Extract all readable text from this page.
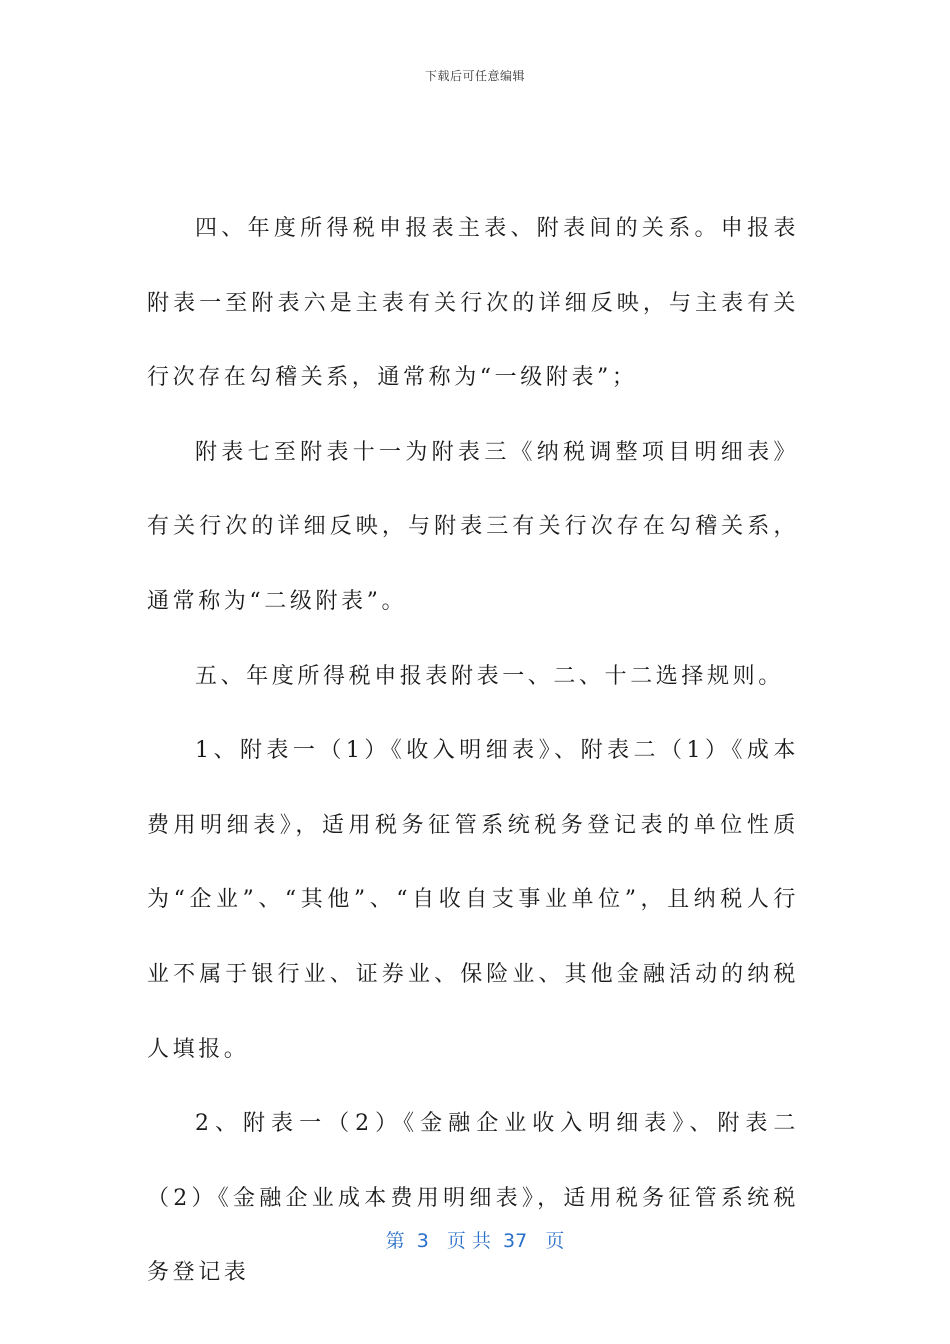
下载后可任意编辑

四、年度所得税申报表主表、附表间的关系。申报表附表一至附表六是主表有关行次的详细反映，与主表有关行次存在勾稽关系，通常称为“一级附表”；

附表七至附表十一为附表三《纳税调整项目明细表》有关行次的详细反映，与附表三有关行次存在勾稽关系，通常称为“二级附表”。

五、年度所得税申报表附表一、二、十二选择规则。

1、附表一（1）《收入明细表》、附表二（1）《成本费用明细表》，适用税务征管系统税务登记表的单位性质为“企业”、“其他”、“自收自支事业单位”，且纳税人行业不属于银行业、证券业、保险业、其他金融活动的纳税人填报。

2、附表一（2）《金融企业收入明细表》、附表二（2）《金融企业成本费用明细表》，适用税务征管系统税务登记表

第  3   页 共  37   页
